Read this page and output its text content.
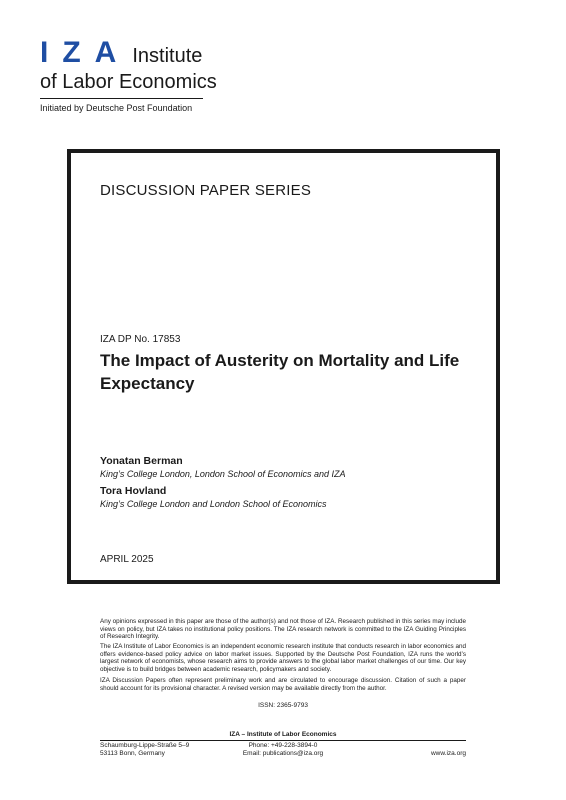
IZA Institute
of Labor Economics
Initiated by Deutsche Post Foundation
DISCUSSION PAPER SERIES
IZA DP No. 17853
The Impact of Austerity on Mortality and Life Expectancy
Yonatan Berman
King’s College London, London School of Economics and IZA
Tora Hovland
King’s College London and London School of Economics
APRIL 2025
Any opinions expressed in this paper are those of the author(s) and not those of IZA. Research published in this series may include views on policy, but IZA takes no institutional policy positions. The IZA research network is committed to the IZA Guiding Principles of Research Integrity.
The IZA Institute of Labor Economics is an independent economic research institute that conducts research in labor economics and offers evidence-based policy advice on labor market issues. Supported by the Deutsche Post Foundation, IZA runs the world’s largest network of economists, whose research aims to provide answers to the global labor market challenges of our time. Our key objective is to build bridges between academic research, policymakers and society.
IZA Discussion Papers often represent preliminary work and are circulated to encourage discussion. Citation of such a paper should account for its provisional character. A revised version may be available directly from the author.
ISSN: 2365-9793
IZA – Institute of Labor Economics
Schaumburg-Lippe-Straße 5–9
53113 Bonn, Germany
Phone: +49-228-3894-0
Email: publications@iza.org	www.iza.org
